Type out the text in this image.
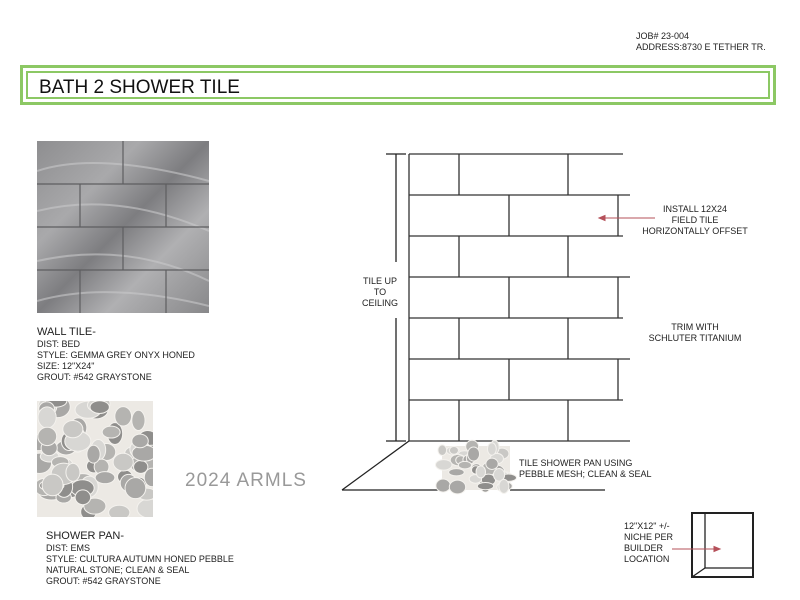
JOB# 23-004
ADDRESS:8730 E TETHER TR.
BATH 2 SHOWER TILE
WALL TILE-
DIST: BED
STYLE: GEMMA GREY ONYX HONED
SIZE: 12"X24"
GROUT: #542 GRAYSTONE
SHOWER PAN-
DIST: EMS
STYLE: CULTURA AUTUMN HONED PEBBLE
NATURAL STONE; CLEAN & SEAL
GROUT: #542 GRAYSTONE
2024 ARMLS
TILE UP
TO
CEILING
INSTALL 12X24
FIELD TILE
HORIZONTALLY OFFSET
TRIM WITH
SCHLUTER TITANIUM
TILE SHOWER PAN USING
PEBBLE MESH; CLEAN & SEAL
12"X12" +/-
NICHE PER
BUILDER
LOCATION
